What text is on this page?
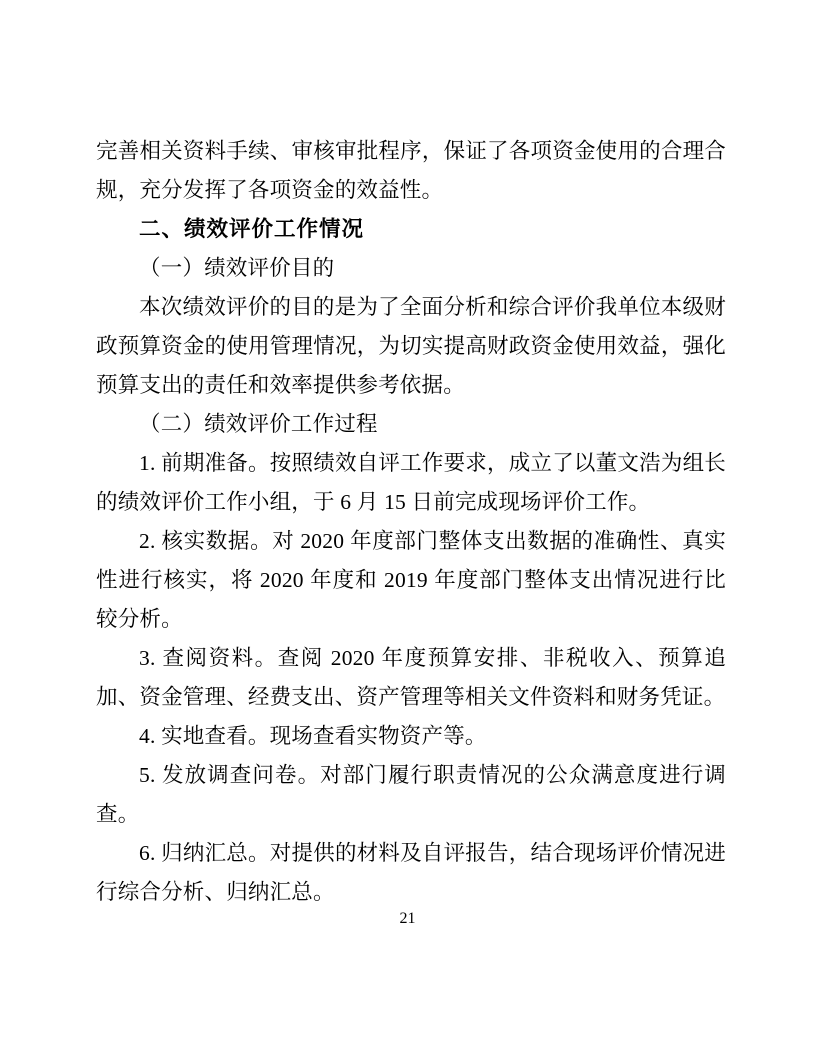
完善相关资料手续、审核审批程序，保证了各项资金使用的合理合规，充分发挥了各项资金的效益性。

二、绩效评价工作情况

（一）绩效评价目的

本次绩效评价的目的是为了全面分析和综合评价我单位本级财政预算资金的使用管理情况，为切实提高财政资金使用效益，强化预算支出的责任和效率提供参考依据。

（二）绩效评价工作过程

1. 前期准备。按照绩效自评工作要求，成立了以董文浩为组长的绩效评价工作小组，于 6 月 15 日前完成现场评价工作。

2. 核实数据。对 2020 年度部门整体支出数据的准确性、真实性进行核实，将 2020 年度和 2019 年度部门整体支出情况进行比较分析。

3. 查阅资料。查阅 2020 年度预算安排、非税收入、预算追加、资金管理、经费支出、资产管理等相关文件资料和财务凭证。

4. 实地查看。现场查看实物资产等。

5. 发放调查问卷。对部门履行职责情况的公众满意度进行调查。

6. 归纳汇总。对提供的材料及自评报告，结合现场评价情况进行综合分析、归纳汇总。

21
